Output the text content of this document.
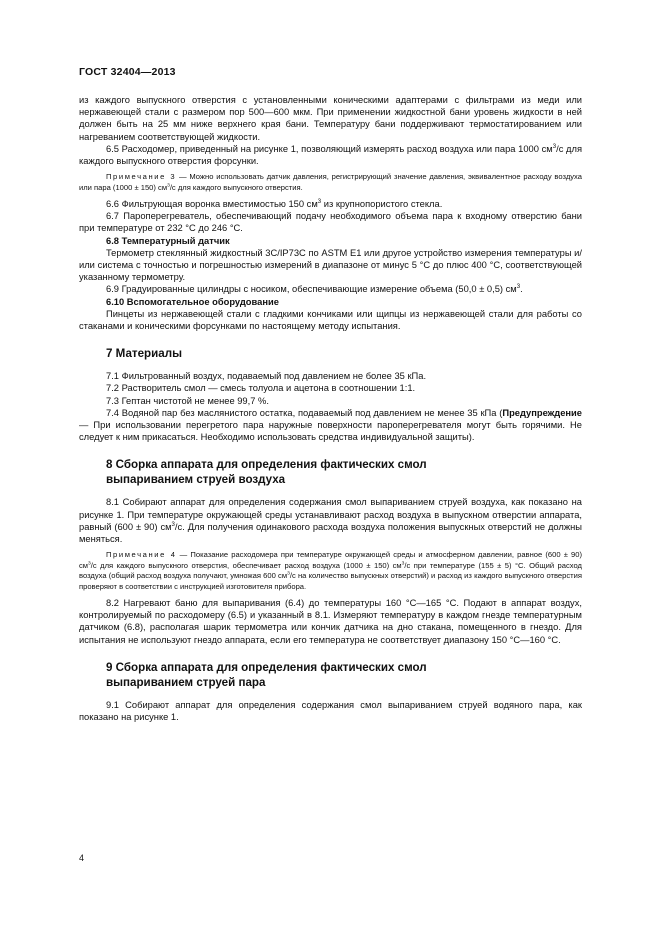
ГОСТ 32404—2013

из каждого выпускного отверстия с установленными коническими адаптерами с фильтрами из меди или нержавеющей стали с размером пор 500—600 мкм. При применении жидкостной бани уровень жидкости в ней должен быть на 25 мм ниже верхнего края бани. Температуру бани поддерживают термостатированием или нагреванием соответствующей жидкости.

6.5 Расходомер, приведенный на рисунке 1, позволяющий измерять расход воздуха или пара 1000 $см^3/с$ для каждого выпускного отверстия форсунки.

Примечание 3 — Можно использовать датчик давления, регистрирующий значение давления, эквивалентное расходу воздуха или пара (1000 ± 150) $см^3/с$ для каждого выпускного отверстия.

6.6 Фильтрующая воронка вместимостью 150 $см^3$ из крупнопористого стекла.

6.7 Пароперегреватель, обеспечивающий подачу необходимого объема пара к входному отверстию бани при температуре от 232 °С до 246 °С.

6.8 Температурный датчик

Термометр стеклянный жидкостный 3C/IP73C по ASTM E1 или другое устройство измерения температуры и/или система с точностью и погрешностью измерений в диапазоне от минус 5 °С до плюс 400 °С, соответствующей указанному термометру.

6.9 Градуированные цилиндры с носиком, обеспечивающие измерение объема (50,0 ± 0,5) $см^3$.

6.10 Вспомогательное оборудование

Пинцеты из нержавеющей стали с гладкими кончиками или щипцы из нержавеющей стали для работы со стаканами и коническими форсунками по настоящему методу испытания.

7 Материалы

7.1 Фильтрованный воздух, подаваемый под давлением не более 35 кПа.

7.2 Растворитель смол — смесь толуола и ацетона в соотношении 1:1.

7.3 Гептан чистотой не менее 99,7 %.

7.4 Водяной пар без маслянистого остатка, подаваемый под давлением не менее 35 кПа (Предупреждение — При использовании перегретого пара наружные поверхности пароперегревателя могут быть горячими. Не следует к ним прикасаться. Необходимо использовать средства индивидуальной защиты).

8 Сборка аппарата для определения фактических смол
выпариванием струей воздуха

8.1 Собирают аппарат для определения содержания смол выпариванием струей воздуха, как показано на рисунке 1. При температуре окружающей среды устанавливают расход воздуха в выпускном отверстии аппарата, равный (600 ± 90) $см^3/с$. Для получения одинакового расхода воздуха положения выпускных отверстий не должны меняться.

Примечание 4 — Показание расходомера при температуре окружающей среды и атмосферном давлении, равное (600 ± 90) $см^3/с$ для каждого выпускного отверстия, обеспечивает расход воздуха (1000 ± 150) $см^3/с$ при температуре (155 ± 5) °С. Общий расход воздуха (общий расход воздуха получают, умножая 600 $см^3/с$ на количество выпускных отверстий) и расход из каждого выпускного отверстия проверяют в соответствии с инструкцией изготовителя прибора.

8.2 Нагревают баню для выпаривания (6.4) до температуры 160 °С—165 °С. Подают в аппарат воздух, контролируемый по расходомеру (6.5) и указанный в 8.1. Измеряют температуру в каждом гнезде температурным датчиком (6.8), располагая шарик термометра или кончик датчика на дно стакана, помещенного в гнездо. Для испытания не используют гнездо аппарата, если его температура не соответствует диапазону 150 °С—160 °С.

9 Сборка аппарата для определения фактических смол
выпариванием струей пара

9.1 Собирают аппарат для определения содержания смол выпариванием струей водяного пара, как показано на рисунке 1.

4
